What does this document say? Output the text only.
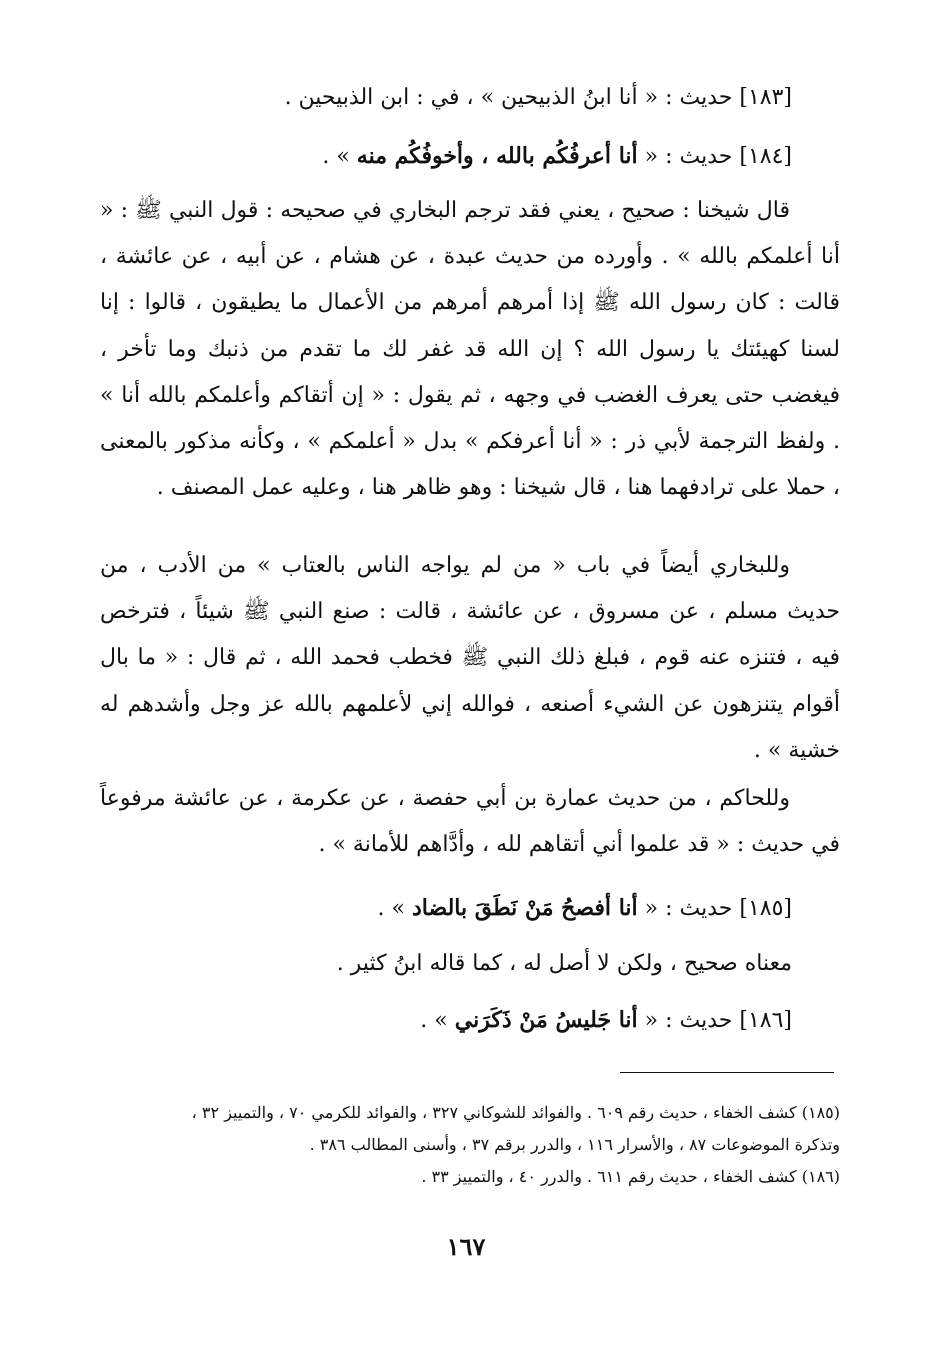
[١٨٣] حديث : « أنا ابنُ الذبيحين » ، في : ابن الذبيحين .

[١٨٤] حديث : « أنا أعرفُكُم بالله ، وأخوفُكُم منه » .

قال شيخنا : صحيح ، يعني فقد ترجم البخاري في صحيحه : قول النبي ﷺ : « أنا أعلمكم بالله » . وأورده من حديث عبدة ، عن هشام ، عن أبيه ، عن عائشة ، قالت : كان رسول الله ﷺ إذا أمرهم أمرهم من الأعمال ما يطيقون ، قالوا : إنا لسنا كهيئتك يا رسول الله ؟ إن الله قد غفر لك ما تقدم من ذنبك وما تأخر ، فيغضب حتى يعرف الغضب في وجهه ، ثم يقول : « إن أتقاكم وأعلمكم بالله أنا » . ولفظ الترجمة لأبي ذر : « أنا أعرفكم » بدل « أعلمكم » ، وكأنه مذكور بالمعنى ، حملا على ترادفهما هنا ، قال شيخنا : وهو ظاهر هنا ، وعليه عمل المصنف .

وللبخاري أيضاً في باب « من لم يواجه الناس بالعتاب » من الأدب ، من حديث مسلم ، عن مسروق ، عن عائشة ، قالت : صنع النبي ﷺ شيئاً ، فترخص فيه ، فتنزه عنه قوم ، فبلغ ذلك النبي ﷺ فخطب فحمد الله ، ثم قال : « ما بال أقوام يتنزهون عن الشيء أصنعه ، فوالله إني لأعلمهم بالله عز وجل وأشدهم له خشية » .

وللحاكم ، من حديث عمارة بن أبي حفصة ، عن عكرمة ، عن عائشة مرفوعاً في حديث : « قد علموا أني أتقاهم لله ، وأدَّاهم للأمانة » .

[١٨٥] حديث : « أنا أفصحُ مَنْ نَطَقَ بالضاد » .

معناه صحيح ، ولكن لا أصل له ، كما قاله ابنُ كثير .

[١٨٦] حديث : « أنا جَليسُ مَنْ ذَكَرَني » .

(١٨٥) كشف الخفاء ، حديث رقم ٦٠٩ . والفوائد للشوكاني ٣٢٧ ، والفوائد للكرمي ٧٠ ، والتمييز ٣٢ ،

وتذكرة الموضوعات ٨٧ ، والأسرار ١١٦ ، والدرر برقم ٣٧ ، وأسنى المطالب ٣٨٦ .

(١٨٦) كشف الخفاء ، حديث رقم ٦١١ . والدرر ٤٠ ، والتمييز ٣٣ .

١٦٧
